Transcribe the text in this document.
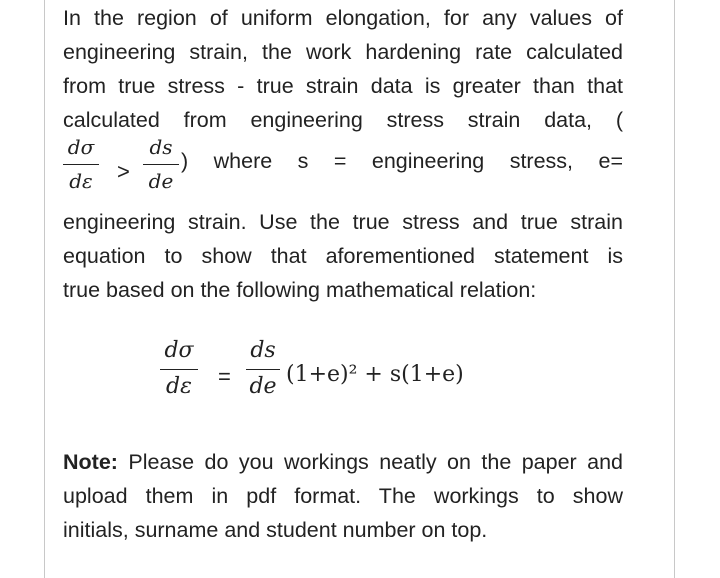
In the region of uniform elongation, for any values of
engineering strain, the work hardening rate calculated
from true stress - true strain data is greater than that
calculated from engineering stress strain data, (
dσ
dε >
ds
de
) where s = engineering stress, e=
engineering strain. Use the true stress and true strain
equation to show that aforementioned statement is
true based on the following mathematical relation:
dσ
dε =
ds
de (1+e)² + s(1+e)
Note: Please do you workings neatly on the paper and
upload them in pdf format. The workings to show
initials, surname and student number on top.
